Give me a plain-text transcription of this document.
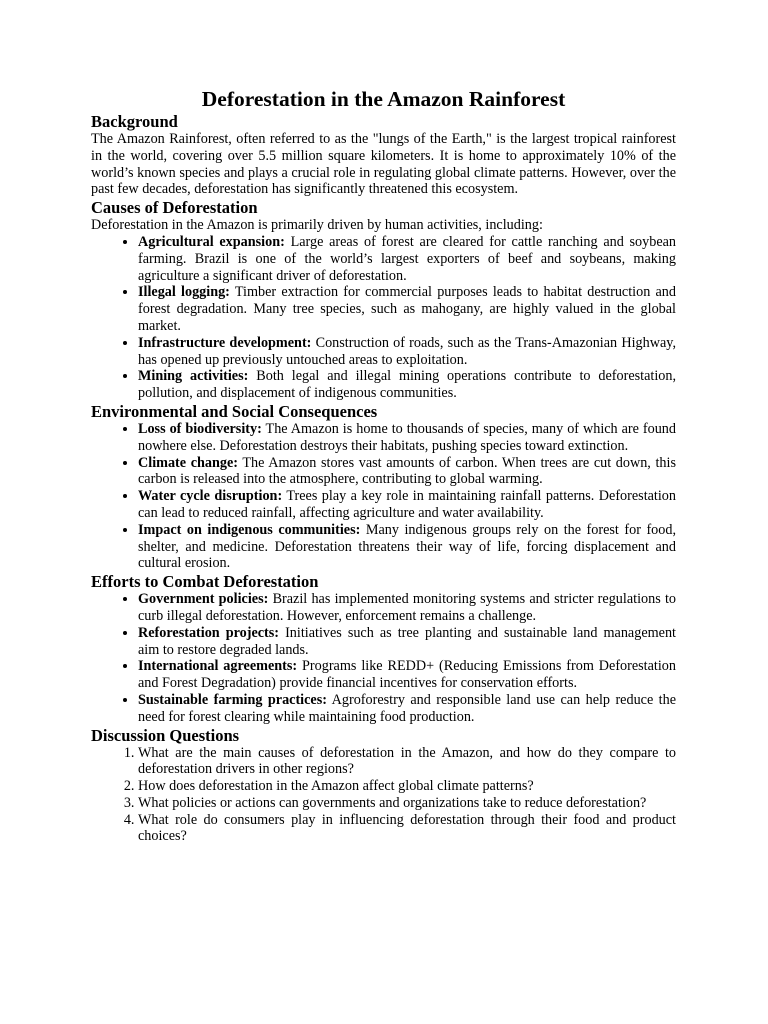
Deforestation in the Amazon Rainforest
Background

The Amazon Rainforest, often referred to as the "lungs of the Earth," is the largest tropical rainforest in the world, covering over 5.5 million square kilometers. It is home to approximately 10% of the world’s known species and plays a crucial role in regulating global climate patterns. However, over the past few decades, deforestation has significantly threatened this ecosystem.

Causes of Deforestation

Deforestation in the Amazon is primarily driven by human activities, including:

• Agricultural expansion: Large areas of forest are cleared for cattle ranching and soybean farming. Brazil is one of the world’s largest exporters of beef and soybeans, making agriculture a significant driver of deforestation.
• Illegal logging: Timber extraction for commercial purposes leads to habitat destruction and forest degradation. Many tree species, such as mahogany, are highly valued in the global market.
• Infrastructure development: Construction of roads, such as the Trans-Amazonian Highway, has opened up previously untouched areas to exploitation.
• Mining activities: Both legal and illegal mining operations contribute to deforestation, pollution, and displacement of indigenous communities.
Environmental and Social Consequences
• Loss of biodiversity: The Amazon is home to thousands of species, many of which are found nowhere else. Deforestation destroys their habitats, pushing species toward extinction.
• Climate change: The Amazon stores vast amounts of carbon. When trees are cut down, this carbon is released into the atmosphere, contributing to global warming.
• Water cycle disruption: Trees play a key role in maintaining rainfall patterns. Deforestation can lead to reduced rainfall, affecting agriculture and water availability.
• Impact on indigenous communities: Many indigenous groups rely on the forest for food, shelter, and medicine. Deforestation threatens their way of life, forcing displacement and cultural erosion.
Efforts to Combat Deforestation
• Government policies: Brazil has implemented monitoring systems and stricter regulations to curb illegal deforestation. However, enforcement remains a challenge.
• Reforestation projects: Initiatives such as tree planting and sustainable land management aim to restore degraded lands.
• International agreements: Programs like REDD+ (Reducing Emissions from Deforestation and Forest Degradation) provide financial incentives for conservation efforts.
• Sustainable farming practices: Agroforestry and responsible land use can help reduce the need for forest clearing while maintaining food production.
Discussion Questions
1. What are the main causes of deforestation in the Amazon, and how do they compare to deforestation drivers in other regions?
2. How does deforestation in the Amazon affect global climate patterns?
3. What policies or actions can governments and organizations take to reduce deforestation?
4. What role do consumers play in influencing deforestation through their food and product choices?
